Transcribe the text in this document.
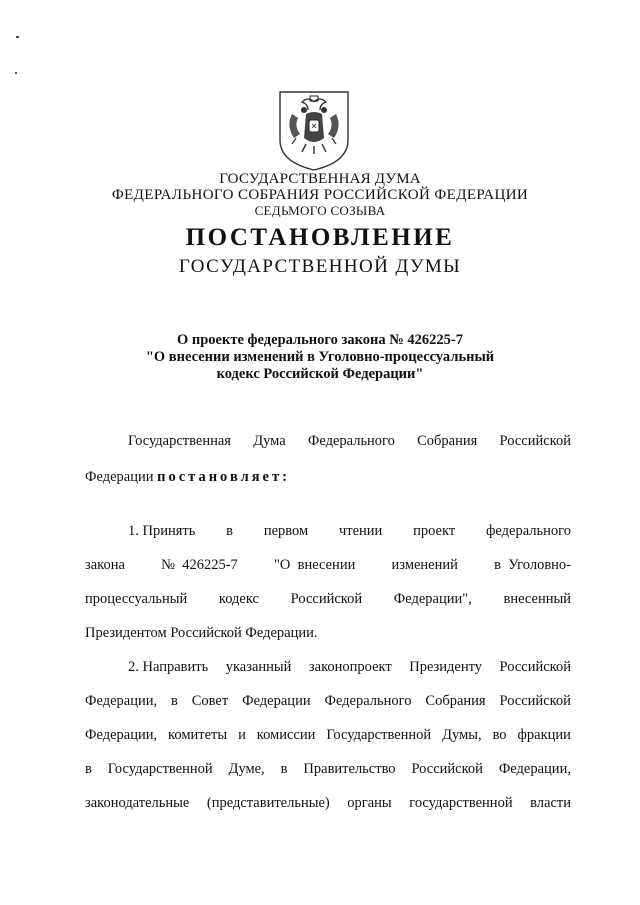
ГОСУДАРСТВЕННАЯ ДУМА
ФЕДЕРАЛЬНОГО СОБРАНИЯ РОССИЙСКОЙ ФЕДЕРАЦИИ
СЕДЬМОГО СОЗЫВА
ПОСТАНОВЛЕНИЕ
ГОСУДАРСТВЕННОЙ ДУМЫ
О проекте федерального закона № 426225-7
"О внесении изменений в Уголовно-процессуальный
кодекс Российской Федерации"
Государственная Дума Федерального Собрания Российской
Федерации
постановляет:
1. Принять в первом чтении проект федерального
закона №  426225-7 "О  внесении изменений в  Уголовно-
процессуальный кодекс Российской Федерации", внесенный
Президентом Российской Федерации.
2. Направить указанный законопроект Президенту Российской
Федерации, в Совет Федерации Федерального Собрания Российской
Федерации, комитеты и комиссии Государственной Думы, во фракции
в Государственной Думе, в Правительство Российской Федерации,
законодательные (представительные) органы государственной власти
